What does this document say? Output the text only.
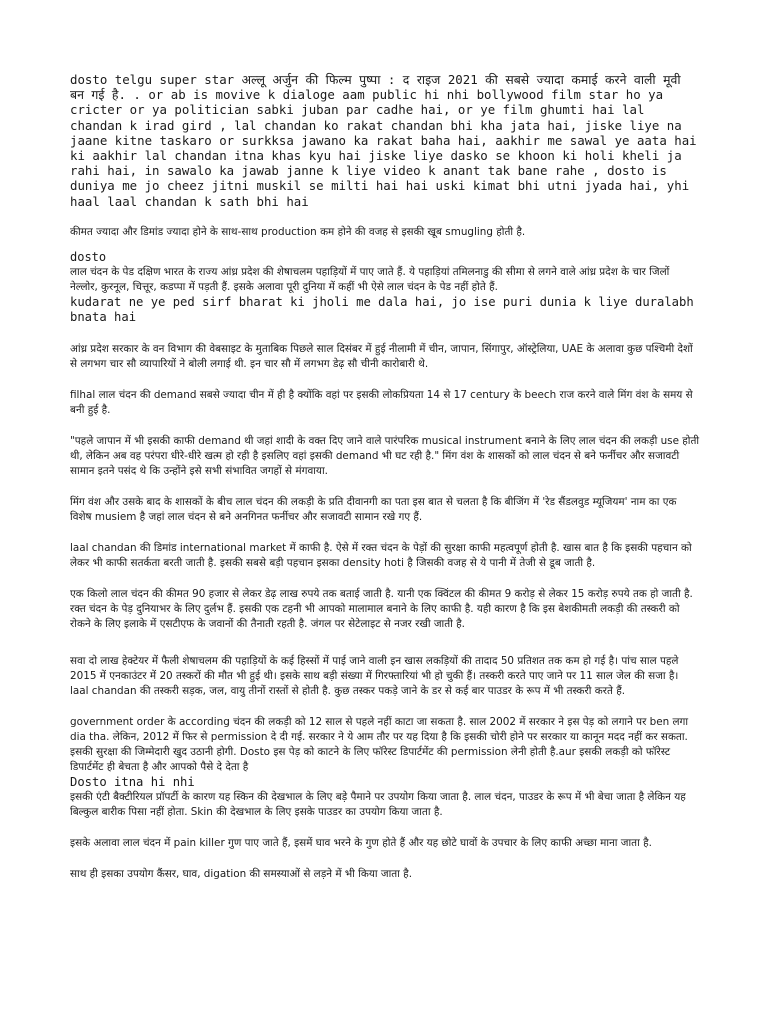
dosto telgu super star अल्लू अर्जुन की फिल्म पुष्पा : द राइज 2021 की सबसे ज्यादा कमाई करने वाली मूवी बन गई है. . or ab is movive k dialoge aam public hi nhi bollywood film star ho ya cricter or ya politician sabki juban par cadhe hai, or ye film ghumti hai lal chandan k irad gird , lal chandan ko rakat chandan bhi kha jata hai, jiske liye na jaane kitne taskaro or surkksa jawano ka rakat baha hai, aakhir me sawal ye aata hai ki aakhir lal chandan itna khas kyu hai jiske liye dasko se khoon ki holi kheli ja rahi hai, in sawalo ka jawab janne k liye video k anant tak bane rahe , dosto is duniya me jo cheez jitni muskil se milti hai hai uski kimat bhi utni jyada hai, yhi haal laal chandan k sath bhi hai

कीमत ज्यादा और डिमांड ज्यादा होने के साथ-साथ production कम होने की वजह से इसकी खूब smugling होती है.

dosto

लाल चंदन के पेड दक्षिण भारत के राज्य आंध्र प्रदेश की शेषाचलम पहाड़ियों में पाए जाते हैं. ये पहाड़ियां तमिलनाडु की सीमा से लगने वाले आंध्र प्रदेश के चार जिलों नेल्लोर, कुरनूल, चित्तूर, कडप्पा में पड़ती हैं. इसके अलावा पूरी दुनिया में कहीं भी ऐसे लाल चंदन के पेड नहीं होते हैं.

kudarat ne ye ped sirf bharat ki jholi me dala hai, jo ise puri dunia k liye duralabh bnata hai

आंध्र प्रदेश सरकार के वन विभाग की वेबसाइट के मुताबिक पिछले साल दिसंबर में हुई नीलामी में चीन, जापान, सिंगापुर, ऑस्ट्रेलिया, UAE के अलावा कुछ पश्चिमी देशों से लगभग चार सौ व्यापारियों ने बोली लगाई थी. इन चार सौ में लगभग डेढ़ सौ चीनी कारोबारी थे.

filhal लाल चंदन की demand सबसे ज्यादा चीन में ही है क्योंकि वहां पर इसकी लोकप्रियता 14 से 17 century के beech राज करने वाले मिंग वंश के समय से बनी हुई है.

"पहले जापान में भी इसकी काफी demand थी जहां शादी के वक्त दिए जाने वाले पारंपरिक musical instrument बनाने के लिए लाल चंदन की लकड़ी use होती थी, लेकिन अब वह परंपरा धीरे-धीरे खत्म हो रही है इसलिए वहां इसकी demand भी घट रही है." मिंग वंश के शासकों को लाल चंदन से बने फर्नीचर और सजावटी सामान इतने पसंद थे कि उन्होंने इसे सभी संभावित जगहों से मंगवाया.

मिंग वंश और उसके बाद के शासकों के बीच लाल चंदन की लकड़ी के प्रति दीवानगी का पता इस बात से चलता है कि बीजिंग में 'रेड सैंडलवुड म्यूजियम' नाम का एक विशेष musiem है जहां लाल चंदन से बने अनगिनत फर्नीचर और सजावटी सामान रखे गए हैं.

laal chandan की डिमांड international market में काफी है. ऐसे में रक्त चंदन के पेड़ों की सुरक्षा काफी महत्वपूर्ण होती है. खास बात है कि इसकी पहचान को लेकर भी काफी सतर्कता बरती जाती है. इसकी सबसे बड़ी पहचान इसका density hoti है जिसकी वजह से ये पानी में तेजी से डूब जाती है.

एक किलो लाल चंदन की कीमत 90 हजार से लेकर डेढ़ लाख रुपये तक बताई जाती है. यानी एक क्विंटल की कीमत 9 करोड़ से लेकर 15 करोड़ रुपये तक हो जाती है. रक्त चंदन के पेड़ दुनियाभर के लिए दुर्लभ हैं. इसकी एक टहनी भी आपको मालामाल बनाने के लिए काफी है. यही कारण है कि इस बेशकीमती लकड़ी की तस्करी को रोकने के लिए इलाके में एसटीएफ के जवानों की तैनाती रहती है. जंगल पर सेटेलाइट से नजर रखी जाती है.

सवा दो लाख हेक्टेयर में फैली शेषाचलम की पहाड़ियों के कई हिस्सों में पाई जाने वाली इन खास लकड़ियों की तादाद 50 प्रतिशत तक कम हो गई है। पांच साल पहले 2015 में एनकाउंटर में 20 तस्करों की मौत भी हुई थी। इसके साथ बड़ी संख्या में गिरफ्तारियां भी हो चुकी हैं। तस्करी करते पाए जाने पर 11 साल जेल की सजा है।

laal chandan की तस्करी सड़क, जल, वायु तीनों रास्तों से होती है. कुछ तस्कर पकड़े जाने के डर से कई बार पाउडर के रूप में भी तस्करी करते हैं.

government order के according चंदन की लकड़ी को 12 साल से पहले नहीं काटा जा सकता है. साल 2002 में सरकार ने इस पेड़ को लगाने पर ben लगा dia tha. लेकिन, 2012 में फिर से permission दे दी गई. सरकार ने ये आम तौर पर यह दिया है कि इसकी चोरी होने पर सरकार या कानून मदद नहीं कर सकता. इसकी सुरक्षा की जिम्मेदारी खुद उठानी होगी. Dosto इस पेड़ को काटने के लिए फॉरेस्ट डिपार्टमेंट की permission लेनी होती है.aur इसकी लकड़ी को फॉरेस्ट डिपार्टमेंट ही बेचता है और आपको पैसे दे देता है

Dosto itna hi nhi

इसकी एंटी बैक्टीरियल प्रॉपर्टी के कारण यह स्किन की देखभाल के लिए बड़े पैमाने पर उपयोग किया जाता है. लाल चंदन, पाउडर के रूप में भी बेचा जाता है लेकिन यह बिल्कुल बारीक पिसा नहीं होता. Skin की देखभाल के लिए इसके पाउडर का उपयोग किया जाता है.

इसके अलावा लाल चंदन में pain killer गुण पाए जाते हैं, इसमें घाव भरने के गुण होते हैं और यह छोटे घावों के उपचार के लिए काफी अच्छा माना जाता है.

साथ ही इसका उपयोग कैंसर, घाव, digation की समस्याओं से लड़ने में भी किया जाता है.
